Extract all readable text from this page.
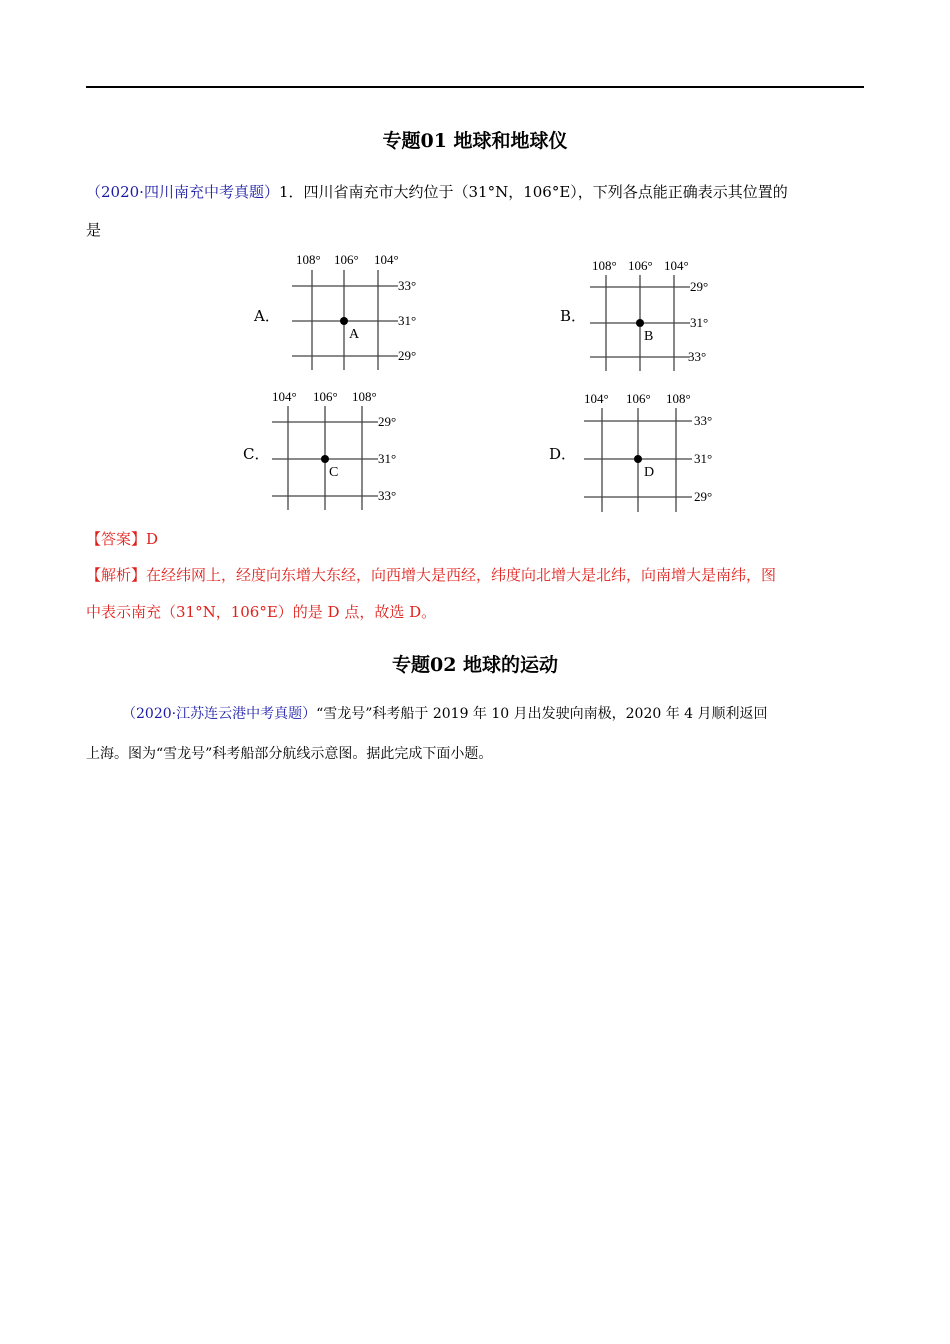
专题01 地球和地球仪
（2020·四川南充中考真题）1．四川省南充市大约位于（31°N，106°E），下列各点能正确表示其位置的
是
A．
108° 106° 104°
33°
31°
29°
A
B．
108° 106° 104°
29°
31°
33°
B
C．
104° 106° 108°
29°
31°
33°
C
D．
104° 106° 108°
33°
31°
29°
D
【答案】D
【解析】在经纬网上，经度向东增大东经，向西增大是西经，纬度向北增大是北纬，向南增大是南纬，图
中表示南充（31°N，106°E）的是 D 点，故选 D。
专题02 地球的运动
（2020·江苏连云港中考真题）“雪龙号”科考船于 2019 年 10 月出发驶向南极，2020 年 4 月顺利返回
上海。图为“雪龙号”科考船部分航线示意图。据此完成下面小题。
